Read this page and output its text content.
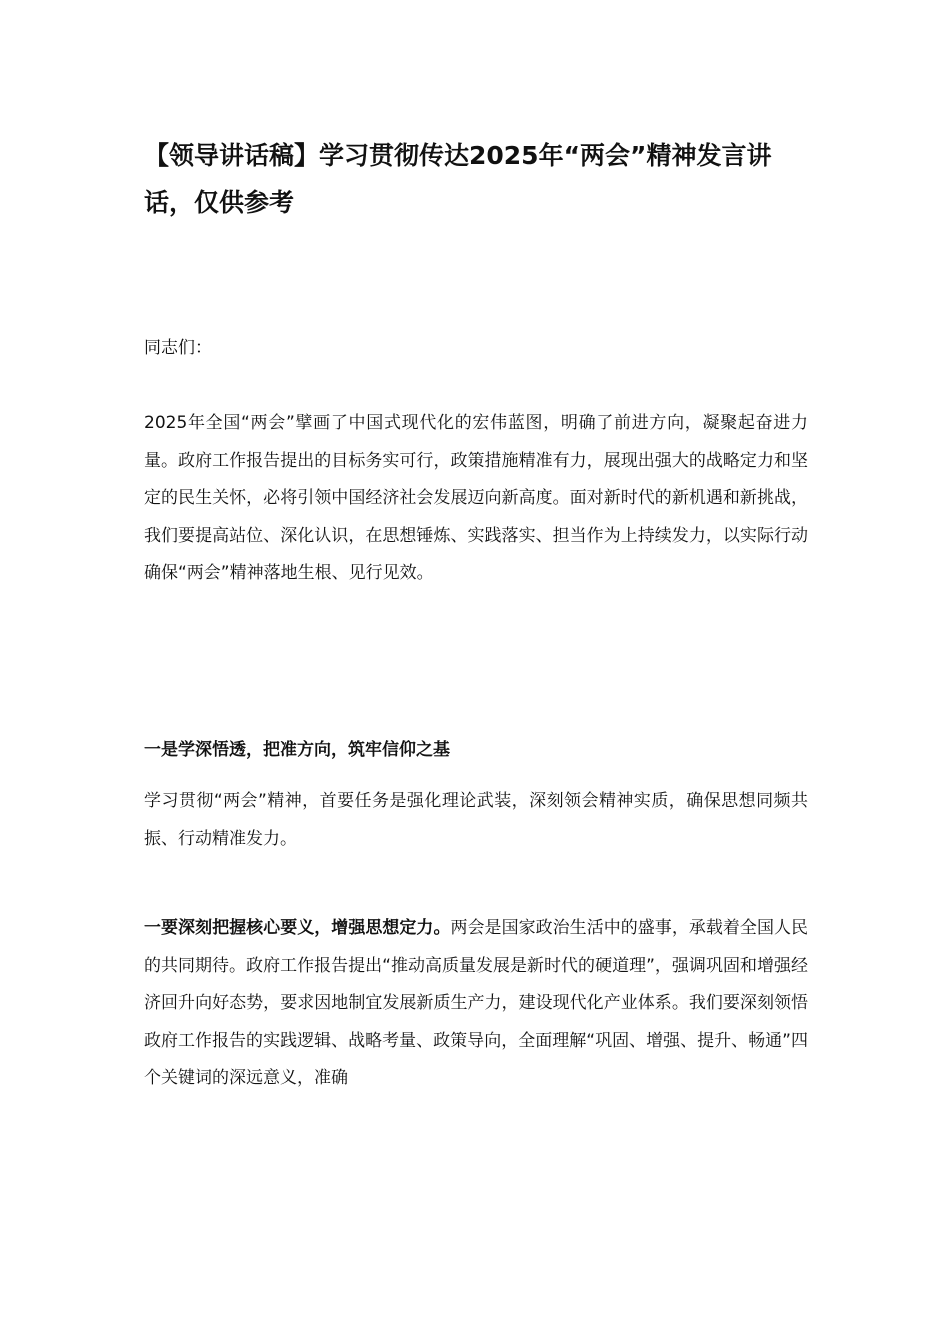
【领导讲话稿】学习贯彻传达2025年“两会”精神发言讲话，仅供参考

同志们：

2025年全国“两会”擘画了中国式现代化的宏伟蓝图，明确了前进方向，凝聚起奋进力量。政府工作报告提出的目标务实可行，政策措施精准有力，展现出强大的战略定力和坚定的民生关怀，必将引领中国经济社会发展迈向新高度。面对新时代的新机遇和新挑战，我们要提高站位、深化认识，在思想锤炼、实践落实、担当作为上持续发力，以实际行动确保“两会”精神落地生根、见行见效。

一是学深悟透，把准方向，筑牢信仰之基

学习贯彻“两会”精神，首要任务是强化理论武装，深刻领会精神实质，确保思想同频共振、行动精准发力。

一要深刻把握核心要义，增强思想定力。两会是国家政治生活中的盛事，承载着全国人民的共同期待。政府工作报告提出“推动高质量发展是新时代的硬道理”，强调巩固和增强经济回升向好态势，要求因地制宜发展新质生产力，建设现代化产业体系。我们要深刻领悟政府工作报告的实践逻辑、战略考量、政策导向，全面理解“巩固、增强、提升、畅通”四个关键词的深远意义，准确
